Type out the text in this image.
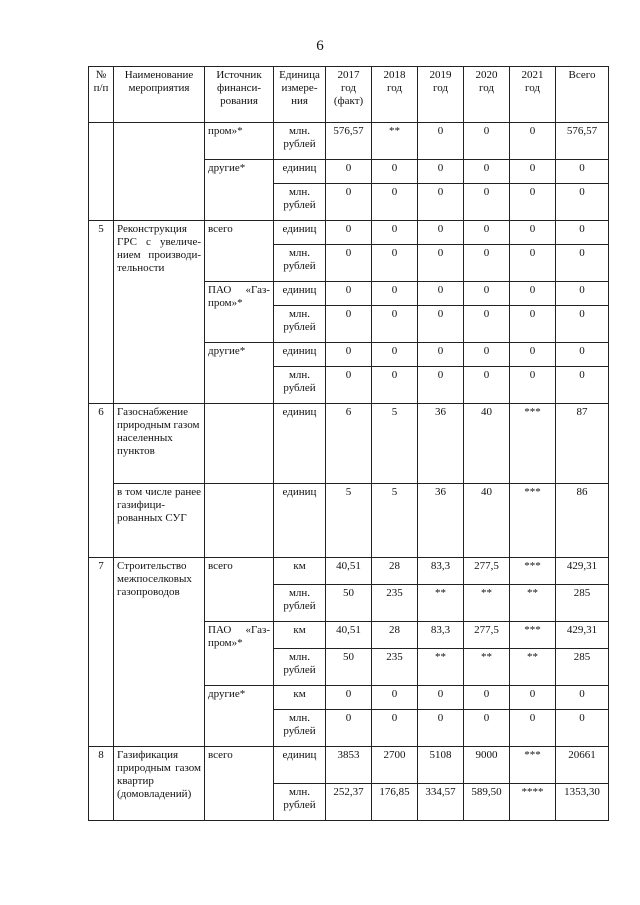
6
№ п/п	Наименование мероприятия	Источник финанси-рования	Единица измере-ния	2017 год (факт)	2018 год	2019 год	2020 год	2021 год	Всего
		пром»*	млн. рублей	576,57	**	0	0	0	576,57
		другие*	единиц	0	0	0	0	0	0
			млн. рублей	0	0	0	0	0	0
5	Реконструкция ГРС с увеличе-нием производи-тельности	всего	единиц	0	0	0	0	0	0
			млн. рублей	0	0	0	0	0	0
		ПАО «Газ-пром»*	единиц	0	0	0	0	0	0
			млн. рублей	0	0	0	0	0	0
		другие*	единиц	0	0	0	0	0	0
			млн. рублей	0	0	0	0	0	0
6	Газоснабжение природным газом населенных пунктов		единиц	6	5	36	40	***	87
	в том числе ранее газифици-рованных СУГ		единиц	5	5	36	40	***	86
7	Строительство межпоселковых газопроводов	всего	км	40,51	28	83,3	277,5	***	429,31
			млн. рублей	50	235	**	**	**	285
		ПАО «Газ-пром»*	км	40,51	28	83,3	277,5	***	429,31
			млн. рублей	50	235	**	**	**	285
		другие*	км	0	0	0	0	0	0
			млн. рублей	0	0	0	0	0	0
8	Газификация природным газом квартир (домовладений)	всего	единиц	3853	2700	5108	9000	***	20661
			млн. рублей	252,37	176,85	334,57	589,50	****	1353,30
